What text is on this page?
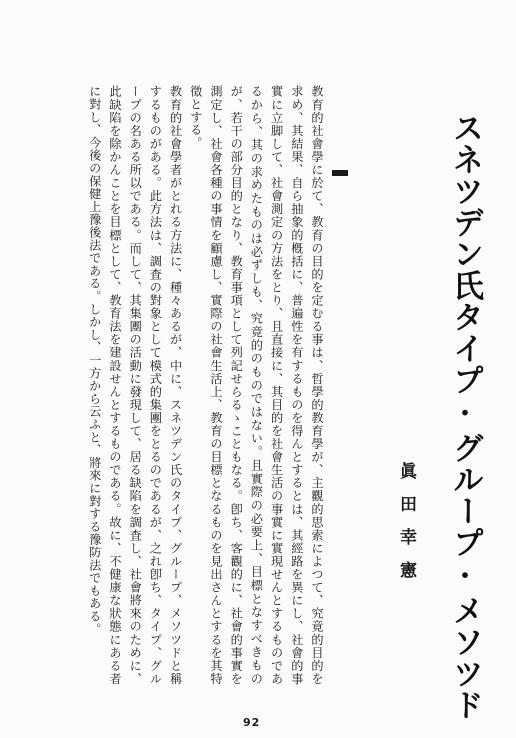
スネツデン氏タイプ·グループ·メソツド
眞田幸憲

教育的社會學に於て、教育の目的を定むる事は、哲學的教育學が、主觀的思索によつて、究竟的目的を求め、其結果、自ら抽象的槪括に、普遍性を有するものを得んとするとは、其經路を異にし、社會的事實に立脚して、社會測定の方法をとり、且直接に、其目的を社會生活の事實に實現せんとするものであるから、其の求めたものは必ずしも、究竟的のものではない。且實際の必要上、目標となすべきものが、若干の部分目的となり、教育事項として列記せらるゝこともなる。卽ち、客觀的に、社會的事實を測定し、社會各種の事情を顧慮し、實際の社會生活上、教育の目標となるものを見出さんとするを其特徵とする。

教育的社會學者がとれる方法に、種々あるが、中に、スネツデン氏のタイプ、グループ、メソツドと稱するものがある。此方法は、調査の對象として模式的集團をとるのであるが、之れ卽ち、タイプ、グループの名ある所以である。而して、其集團の活動に發現して、居る缺陷を調査し、社會將來のために、此缺陷を除かんことを目標として、教育法を建設せんとするものである。故に、不健康な狀態にある者に對し、今後の保健上豫後法である。しかし、一方から云ふと、將來に對する豫防法でもある。

92
